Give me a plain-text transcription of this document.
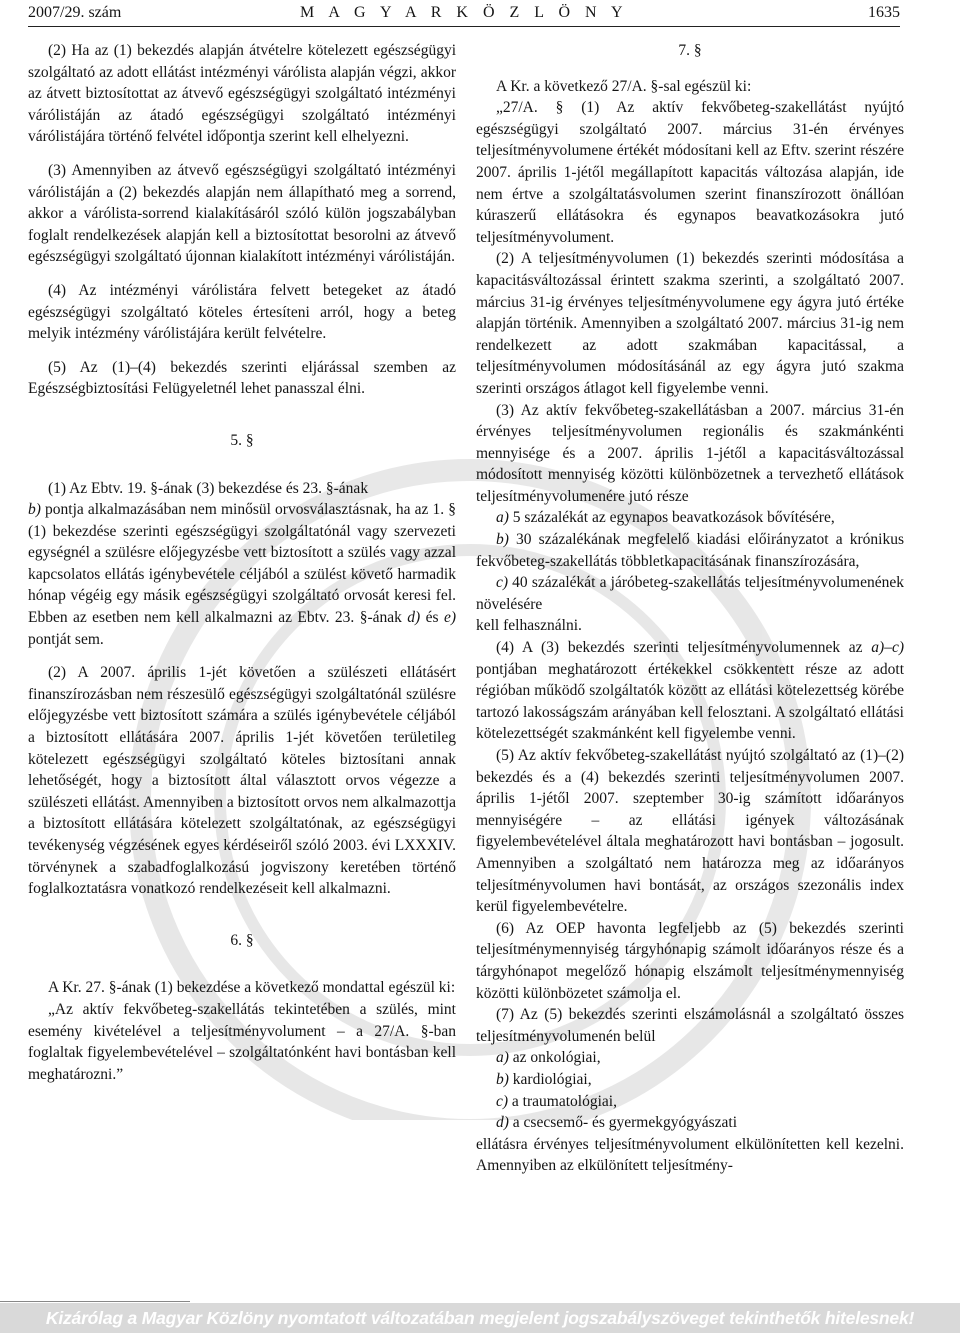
2007/29. szám	M A G Y A R K Ö Z L Ö N Y	1635

(2) Ha az (1) bekezdés alapján átvételre kötelezett egészségügyi szolgáltató az adott ellátást intézményi várólista alapján végzi, akkor az átvett biztosítottat az átvevő egészségügyi szolgáltató intézményi várólistáján az átadó egészségügyi szolgáltató intézményi várólistájára történő felvétel időpontja szerint kell elhelyezni.

(3) Amennyiben az átvevő egészségügyi szolgáltató intézményi várólistáján a (2) bekezdés alapján nem állapítható meg a sorrend, akkor a várólista-sorrend kialakításáról szóló külön jogszabályban foglalt rendelkezések alapján kell a biztosítottat besorolni az átvevő egészségügyi szolgáltató újonnan kialakított intézményi várólistáján.

(4) Az intézményi várólistára felvett betegeket az átadó egészségügyi szolgáltató köteles értesíteni arról, hogy a beteg melyik intézmény várólistájára került felvételre.

(5) Az (1)–(4) bekezdés szerinti eljárással szemben az Egészségbiztosítási Felügyeletnél lehet panasszal élni.

5. §

(1) Az Ebtv. 19. §-ának (3) bekezdése és 23. §-ának
b) pontja alkalmazásában nem minősül orvosválasztásnak, ha az 1. § (1) bekezdése szerinti egészségügyi szolgáltatónál vagy szervezeti egységnél a szülésre előjegyzésbe vett biztosított a szülés vagy azzal kapcsolatos ellátás igénybevétele céljából a szülést követő harmadik hónap végéig egy másik egészségügyi szolgáltató orvosát keresi fel. Ebben az esetben nem kell alkalmazni az Ebtv. 23. §-ának d) és e) pontját sem.

(2) A 2007. április 1-jét követően a szülészeti ellátásért finanszírozásban nem részesülő egészségügyi szolgáltatónál szülésre előjegyzésbe vett biztosított számára a szülés igénybevétele céljából a biztosított ellátására 2007. április 1-jét követően területileg kötelezett egészségügyi szolgáltató köteles biztosítani annak lehetőségét, hogy a biztosított által választott orvos végezze a szülészeti ellátást. Amennyiben a biztosított orvos nem alkalmazottja a biztosított ellátására kötelezett szolgáltatónak, az egészségügyi tevékenység végzésének egyes kérdéseiről szóló 2003. évi LXXXIV. törvénynek a szabadfoglalkozású jogviszony keretében történő foglalkoztatásra vonatkozó rendelkezéseit kell alkalmazni.

6. §

A Kr. 27. §-ának (1) bekezdése a következő mondattal egészül ki:

„Az aktív fekvőbeteg-szakellátás tekintetében a szülés, mint esemény kivételével a teljesítményvolument – a 27/A. §-ban foglaltak figyelembevételével – szolgáltatónként havi bontásban kell meghatározni.”

7. §

A Kr. a következő 27/A. §-sal egészül ki:

„27/A. § (1) Az aktív fekvőbeteg-szakellátást nyújtó egészségügyi szolgáltató 2007. március 31-én érvényes teljesítményvolumene értékét módosítani kell az Eftv. szerint részére 2007. április 1-jétől megállapított kapacitás változása alapján, ide nem értve a szolgáltatásvolumen szerint finanszírozott önállóan kúraszerű ellátásokra és egynapos beavatkozásokra jutó teljesítményvolument.

(2) A teljesítményvolumen (1) bekezdés szerinti módosítása a kapacitásváltozással érintett szakma szerinti, a szolgáltató 2007. március 31-ig érvényes teljesítményvolumene egy ágyra jutó értéke alapján történik. Amennyiben a szolgáltató 2007. március 31-ig nem rendelkezett az adott szakmában kapacitással, a teljesítményvolumen módosításánál az egy ágyra jutó szakma szerinti országos átlagot kell figyelembe venni.

(3) Az aktív fekvőbeteg-szakellátásban a 2007. március 31-én érvényes teljesítményvolumen regionális és szakmánkénti mennyisége és a 2007. április 1-jétől a kapacitásváltozással módosított mennyiség közötti különbözetnek a tervezhető ellátások teljesítményvolumenére jutó része

a) 5 százalékát az egynapos beavatkozások bővítésére,

b) 30 százalékának megfelelő kiadási előirányzatot a krónikus fekvőbeteg-szakellátás többletkapacitásának finanszírozására,

c) 40 százalékát a járóbeteg-szakellátás teljesítményvolumenének növelésére

kell felhasználni.

(4) A (3) bekezdés szerinti teljesítményvolumennek az a)–c) pontjában meghatározott értékekkel csökkentett része az adott régióban működő szolgáltatók között az ellátási kötelezettség körébe tartozó lakosságszám arányában kell felosztani. A szolgáltató ellátási kötelezettségét szakmánként kell figyelembe venni.

(5) Az aktív fekvőbeteg-szakellátást nyújtó szolgáltató az (1)–(2) bekezdés és a (4) bekezdés szerinti teljesítményvolumen 2007. április 1-jétől 2007. szeptember 30-ig számított időarányos mennyiségére – az ellátási igények változásának figyelembevételével általa meghatározott havi bontásban – jogosult. Amennyiben a szolgáltató nem határozza meg az időarányos teljesítményvolumen havi bontását, az országos szezonális index kerül figyelembevételre.

(6) Az OEP havonta legfeljebb az (5) bekezdés szerinti teljesítménymennyiség tárgyhónapig számolt időarányos része és a tárgyhónapot megelőző hónapig elszámolt teljesítménymennyiség közötti különbözetet számolja el.

(7) Az (5) bekezdés szerinti elszámolásnál a szolgáltató összes teljesítményvolumenén belül

a) az onkológiai,

b) kardiológiai,

c) a traumatológiai,

d) a csecsemő- és gyermekgyógyászati

ellátásra érvényes teljesítményvolument elkülönítetten kell kezelni. Amennyiben az elkülönített teljesítmény-

Kizárólag a Magyar Közlöny nyomtatott változatában megjelent jogszabályszöveget tekinthetők hitelesnek!
